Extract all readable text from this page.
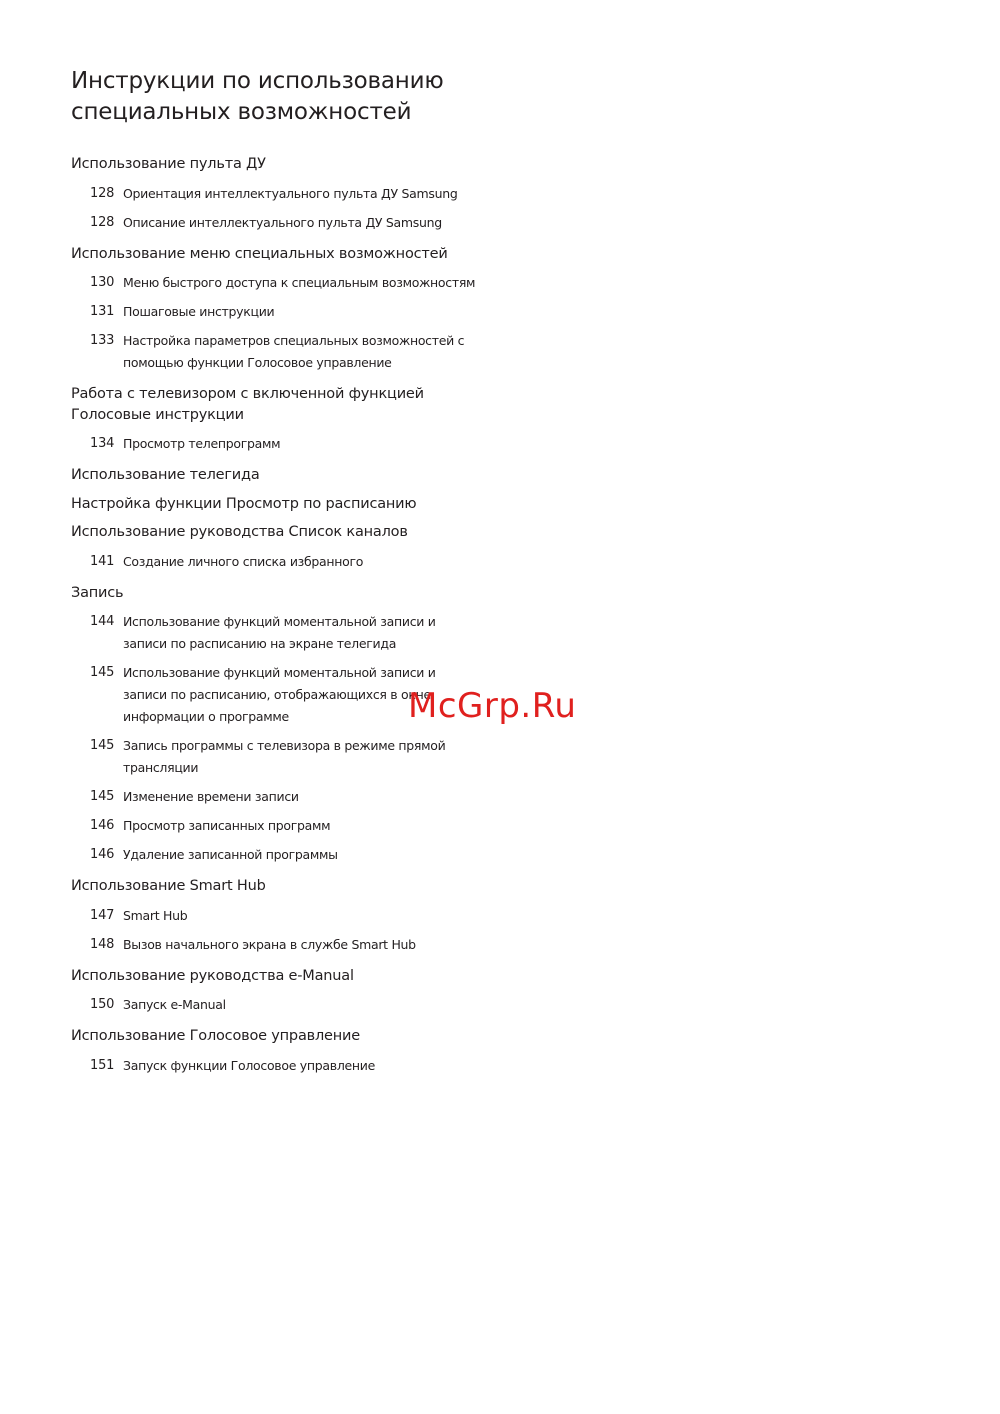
Инструкции по использованию
специальных возможностей
Использование пульта ДУ
128 Ориентация интеллектуального пульта ДУ Samsung
128 Описание интеллектуального пульта ДУ Samsung
Использование меню специальных возможностей
130 Меню быстрого доступа к специальным возможностям
131 Пошаговые инструкции
133 Настройка параметров специальных возможностей с помощью функции Голосовое управление
Работа с телевизором с включенной функцией Голосовые инструкции
134 Просмотр телепрограмм
Использование телегида
Настройка функции Просмотр по расписанию
Использование руководства Список каналов
141 Создание личного списка избранного
Запись
144 Использование функций моментальной записи и записи по расписанию на экране телегида
145 Использование функций моментальной записи и записи по расписанию, отображающихся в окне информации о программе
145 Запись программы с телевизора в режиме прямой трансляции
145 Изменение времени записи
146 Просмотр записанных программ
146 Удаление записанной программы
Использование Smart Hub
147 Smart Hub
148 Вызов начального экрана в службе Smart Hub
Использование руководства e-Manual
150 Запуск e-Manual
Использование Голосовое управление
151 Запуск функции Голосовое управление
McGrp.Ru
